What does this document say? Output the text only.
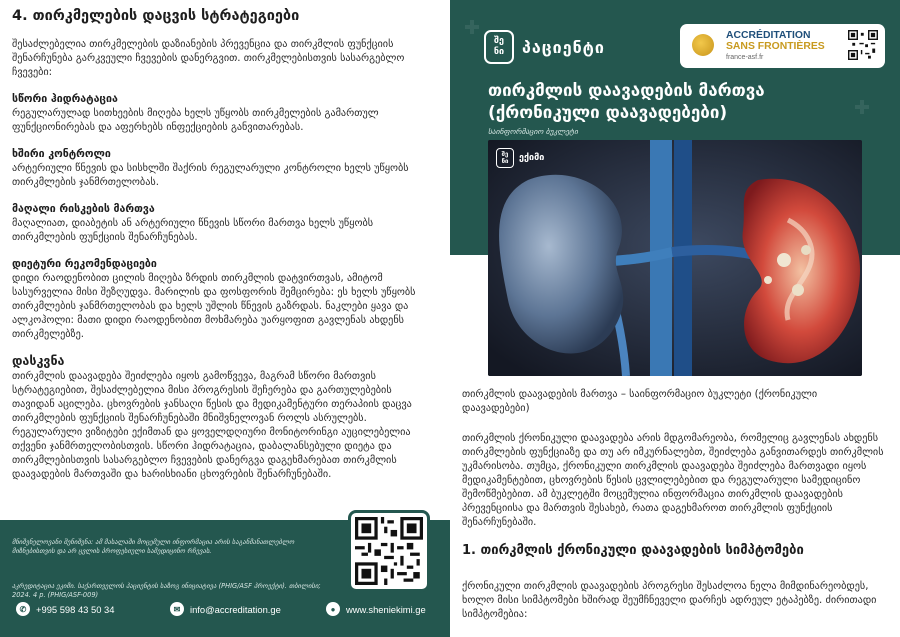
4. თირკმელების დაცვის სტრატეგიები

შესაძლებელია თირკმელების დაზიანების პრევენცია და თირკმლის ფუნქციის შენარჩუნება გარკვეული ჩვევების დანერგვით. თირკმელებისთვის სასარგებლო ჩვევები:

სწორი ჰიდრატაცია

რეგულარულად სითხეების მიღება ხელს უწყობს თირკმელების გამართულ ფუნქციონირებას და აფერხებს ინფექციების განვითარებას.

ხშირი კონტროლი

არტერიული წნევის და სისხლში შაქრის რეგულარული კონტროლი ხელს უწყობს თირკმლების ჯანმრთელობას.

მაღალი რისკების მართვა

მაღალიათ, დიაბეტის ან არტერიული წნევის სწორი მართვა ხელს უწყობს თირკმლების ფუნქციის შენარჩუნებას.

დიეტური რეკომენდაციები

დიდი რაოდენობით ცილის მიღება ზრდის თირკმლის დატვირთვას, ამიტომ სასურველია მისი შეზღუდვა. მარილის და ფოსფორის შემცირება: ეს ხელს უწყობს თირკმლების ჯანმრთელობას და ხელს უშლის წნევის გაზრდას. ნაკლები ყავა და ალკოჰოლი: მათი დიდი რაოდენობით მოხმარება უარყოფით გავლენას ახდენს თირკმელებზე.

დასკვნა

თირკმლის დაავადება შეიძლება იყოს გამოწვევა, მაგრამ სწორი მართვის სტრატეგიებით, შესაძლებელია მისი პროგრესის შეჩერება და გართულებების თავიდან აცილება. ცხოვრების ჯანსაღი წესის და მედიკამენტური თერაპიის დაცვა თირკმლების ფუნქციის შენარჩუნებაში მნიშვნელოვან როლს ასრულებს. რეგულარული ვიზიტები ექიმთან და ყოველდღიური მონიტორინგი აუცილებელია თქვენი ჯანმრთელობისთვის. სწორი ჰიდრატაცია, დაბალანსებული დიეტა და თირკმლებისთვის სასარგებლო ჩვევების დანერგვა დაგეხმარებათ თირკმლის დაავადების მართვაში და ხარისხიანი ცხოვრების შენარჩუნებაში.

მნიშვნელოვანი შენიშვნა: ამ მასალაში მოცემული ინფორმაცია არის საგანმანათლებლო მიზნებისთვის და არ ცვლის პროფესიული სამედიცინო რჩევას.
აკრედიტაცია ეკიმი. საქართველოს პაციენტის საზოგ ინიციატივა (PHIG/ASF პროექტი). თბილისი; 2024. 4 p. (PHIG/ASF-009)
✆	+995 598 43 50 34	✉	info@accreditation.ge	●	www.sheniekimi.ge
შე
ნი პაციენტი
ACCRÉDITATION
SANS FRONTIÈRES
france-asf.fr
თირკმლის დაავადების მართვა (ქრონიკული დაავადებები)
საინფორმაციო ბუკლეტი
შე
ნი ექიმი
თირკმლის დაავადების მართვა – საინფორმაციო ბუკლეტი (ქრონიკული დაავადებები)
თირკმლის ქრონიკული დაავადება არის მდგომარეობა, რომელიც გავლენას ახდენს თირკმლების ფუნქციაზე და თუ არ იმკურნალებთ, შეიძლება განვითარდეს თირკმლის უკმარისობა. თუმცა, ქრონიკული თირკმლის დაავადება შეიძლება მართვადი იყოს მედიკამენტებით, ცხოვრების წესის ცვლილებებით და რეგულარული სამედიცინო შემოწმებებით. ამ ბუკლეტში მოცემულია ინფორმაცია თირკმლის დაავადების პრევენციისა და მართვის შესახებ, რათა დაგეხმაროთ თირკმლის ფუნქციის შენარჩუნებაში.
1. თირკმლის ქრონიკული დაავადების სიმპტომები
ქრონიკული თირკმლის დაავადების პროგრესი შესაძლოა ნელა მიმდინარეობდეს, ხოლო მისი სიმპტომები ხშირად შეუმჩნეველი დარჩეს ადრეულ ეტაპებზე. ძირითადი სიმპტომებია:
